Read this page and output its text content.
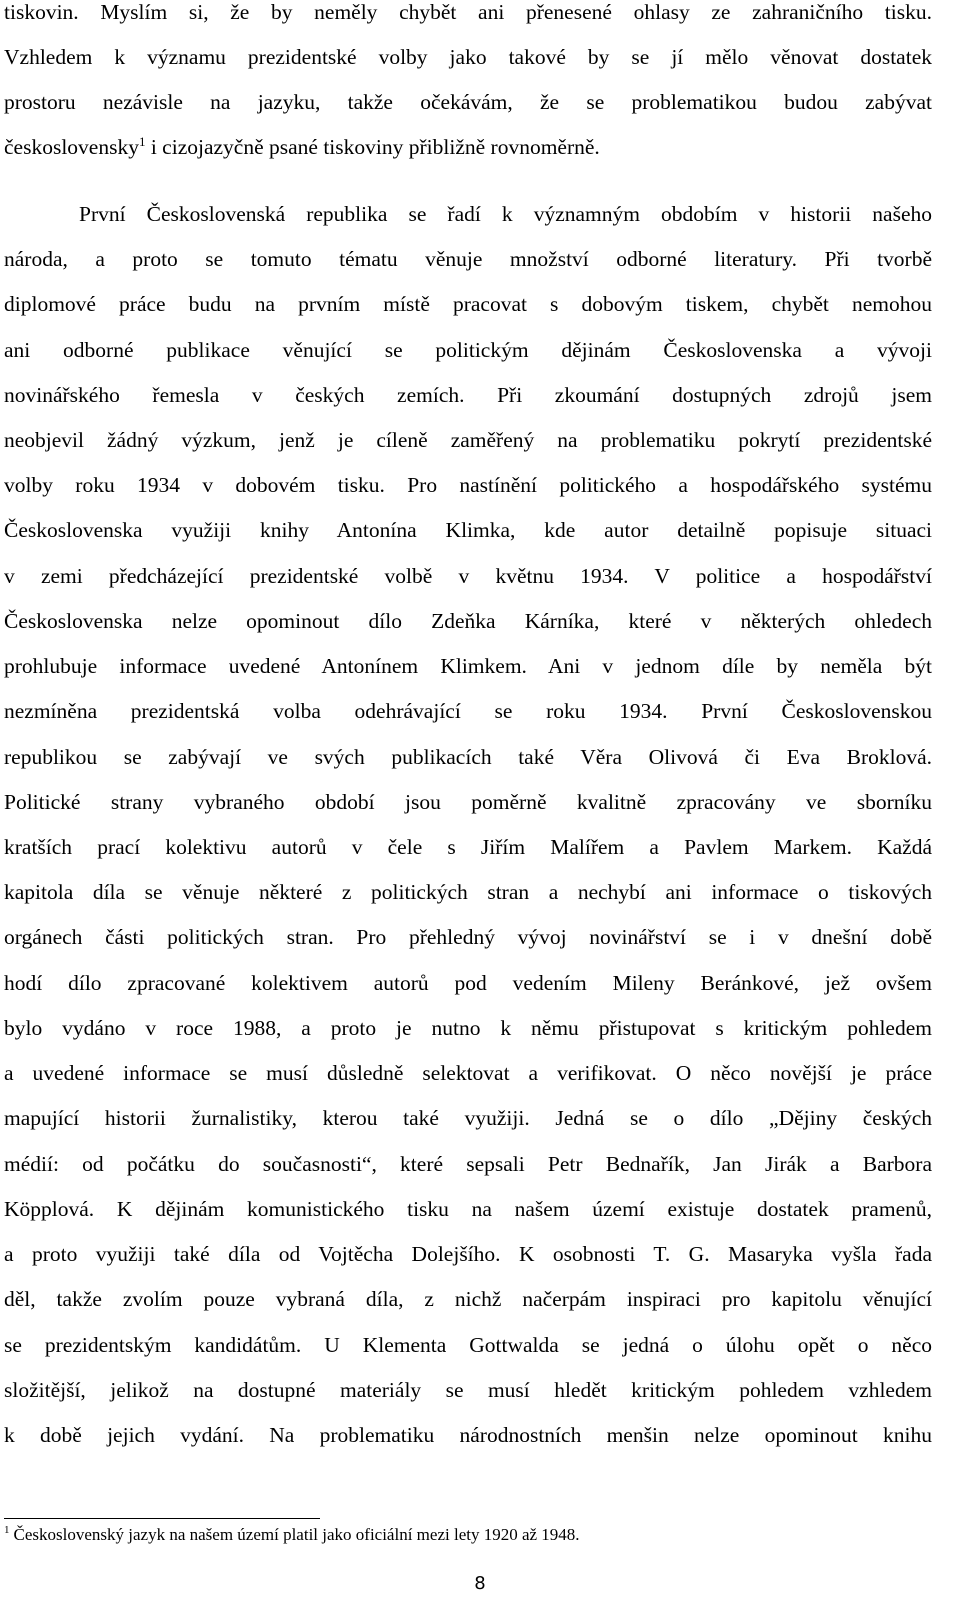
tiskovin. Myslím si, že by neměly chybět ani přenesené ohlasy ze zahraničního tisku.
Vzhledem k významu prezidentské volby jako takové by se jí mělo věnovat dostatek
prostoru nezávisle na jazyku, takže očekávám, že se problematikou budou zabývat
československy$^1$ i cizojazyčně psané tiskoviny přibližně rovnoměrně.
První Československá republika se řadí k významným obdobím v historii našeho
národa, a proto se tomuto tématu věnuje množství odborné literatury. Při tvorbě
diplomové práce budu na prvním místě pracovat s dobovým tiskem, chybět nemohou
ani odborné publikace věnující se politickým dějinám Československa a vývoji
novinářského řemesla v českých zemích. Při zkoumání dostupných zdrojů jsem
neobjevil žádný výzkum, jenž je cíleně zaměřený na problematiku pokrytí prezidentské
volby roku 1934 v dobovém tisku. Pro nastínění politického a hospodářského systému
Československa využiji knihy Antonína Klimka, kde autor detailně popisuje situaci
v zemi předcházející prezidentské volbě v květnu 1934. V politice a hospodářství
Československa nelze opominout dílo Zdeňka Kárníka, které v některých ohledech
prohlubuje informace uvedené Antonínem Klimkem. Ani v jednom díle by neměla být
nezmíněna prezidentská volba odehrávající se roku 1934. První Československou
republikou se zabývají ve svých publikacích také Věra Olivová či Eva Broklová.
Politické strany vybraného období jsou poměrně kvalitně zpracovány ve sborníku
kratších prací kolektivu autorů v čele s Jiřím Malířem a Pavlem Markem. Každá
kapitola díla se věnuje některé z politických stran a nechybí ani informace o tiskových
orgánech části politických stran. Pro přehledný vývoj novinářství se i v dnešní době
hodí dílo zpracované kolektivem autorů pod vedením Mileny Beránkové, jež ovšem
bylo vydáno v roce 1988, a proto je nutno k němu přistupovat s kritickým pohledem
a uvedené informace se musí důsledně selektovat a verifikovat. O něco novější je práce
mapující historii žurnalistiky, kterou také využiji. Jedná se o dílo „Dějiny českých
médií: od počátku do současnosti“, které sepsali Petr Bednařík, Jan Jirák a Barbora
Köpplová. K dějinám komunistického tisku na našem území existuje dostatek pramenů,
a proto využiji také díla od Vojtěcha Dolejšího. K osobnosti T. G. Masaryka vyšla řada
děl, takže zvolím pouze vybraná díla, z nichž načerpám inspiraci pro kapitolu věnující
se prezidentským kandidátům. U Klementa Gottwalda se jedná o úlohu opět o něco
složitější, jelikož na dostupné materiály se musí hledět kritickým pohledem vzhledem
k době jejich vydání. Na problematiku národnostních menšin nelze opominout knihu
$^1$ Československý jazyk na našem území platil jako oficiální mezi lety 1920 až 1948.
8
